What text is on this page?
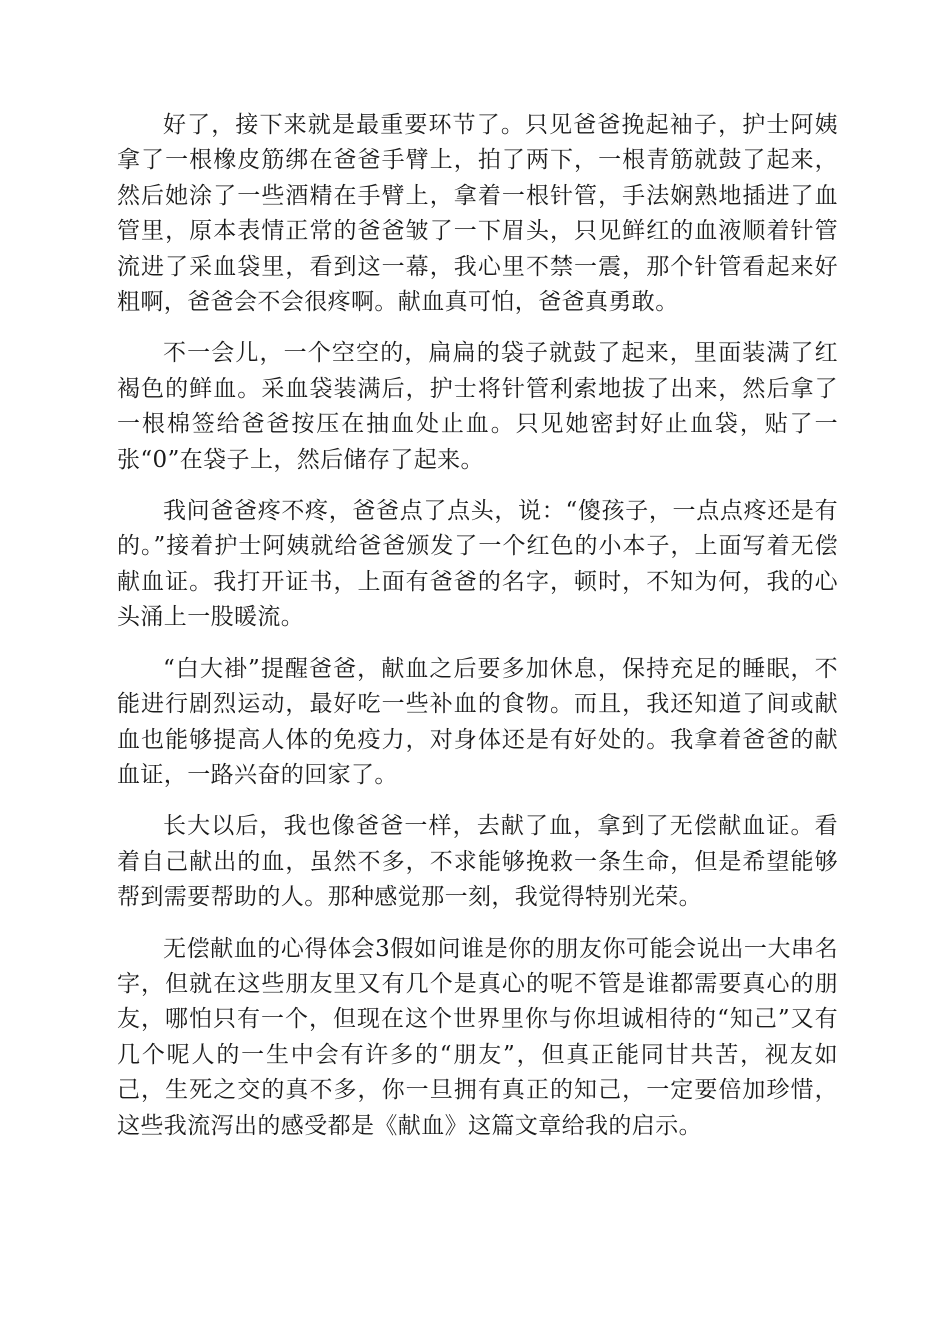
好了，接下来就是最重要环节了。只见爸爸挽起袖子，护士阿姨拿了一根橡皮筋绑在爸爸手臂上，拍了两下，一根青筋就鼓了起来，然后她涂了一些酒精在手臂上，拿着一根针管，手法娴熟地插进了血管里，原本表情正常的爸爸皱了一下眉头，只见鲜红的血液顺着针管流进了采血袋里，看到这一幕，我心里不禁一震，那个针管看起来好粗啊，爸爸会不会很疼啊。献血真可怕，爸爸真勇敢。

不一会儿，一个空空的，扁扁的袋子就鼓了起来，里面装满了红褐色的鲜血。采血袋装满后，护士将针管利索地拔了出来，然后拿了一根棉签给爸爸按压在抽血处止血。只见她密封好止血袋，贴了一张“0”在袋子上，然后储存了起来。

我问爸爸疼不疼，爸爸点了点头，说：“傻孩子，一点点疼还是有的。”接着护士阿姨就给爸爸颁发了一个红色的小本子，上面写着无偿献血证。我打开证书，上面有爸爸的名字，顿时，不知为何，我的心头涌上一股暖流。

“白大褂”提醒爸爸，献血之后要多加休息，保持充足的睡眠，不能进行剧烈运动，最好吃一些补血的食物。而且，我还知道了间或献血也能够提高人体的免疫力，对身体还是有好处的。我拿着爸爸的献血证，一路兴奋的回家了。

长大以后，我也像爸爸一样，去献了血，拿到了无偿献血证。看着自己献出的血，虽然不多，不求能够挽救一条生命，但是希望能够帮到需要帮助的人。那种感觉那一刻，我觉得特别光荣。

无偿献血的心得体会3假如问谁是你的朋友你可能会说出一大串名字，但就在这些朋友里又有几个是真心的呢不管是谁都需要真心的朋友，哪怕只有一个，但现在这个世界里你与你坦诚相待的“知己”又有几个呢人的一生中会有许多的“朋友”，但真正能同甘共苦，视友如己，生死之交的真不多，你一旦拥有真正的知己，一定要倍加珍惜，这些我流泻出的感受都是《献血》这篇文章给我的启示。
